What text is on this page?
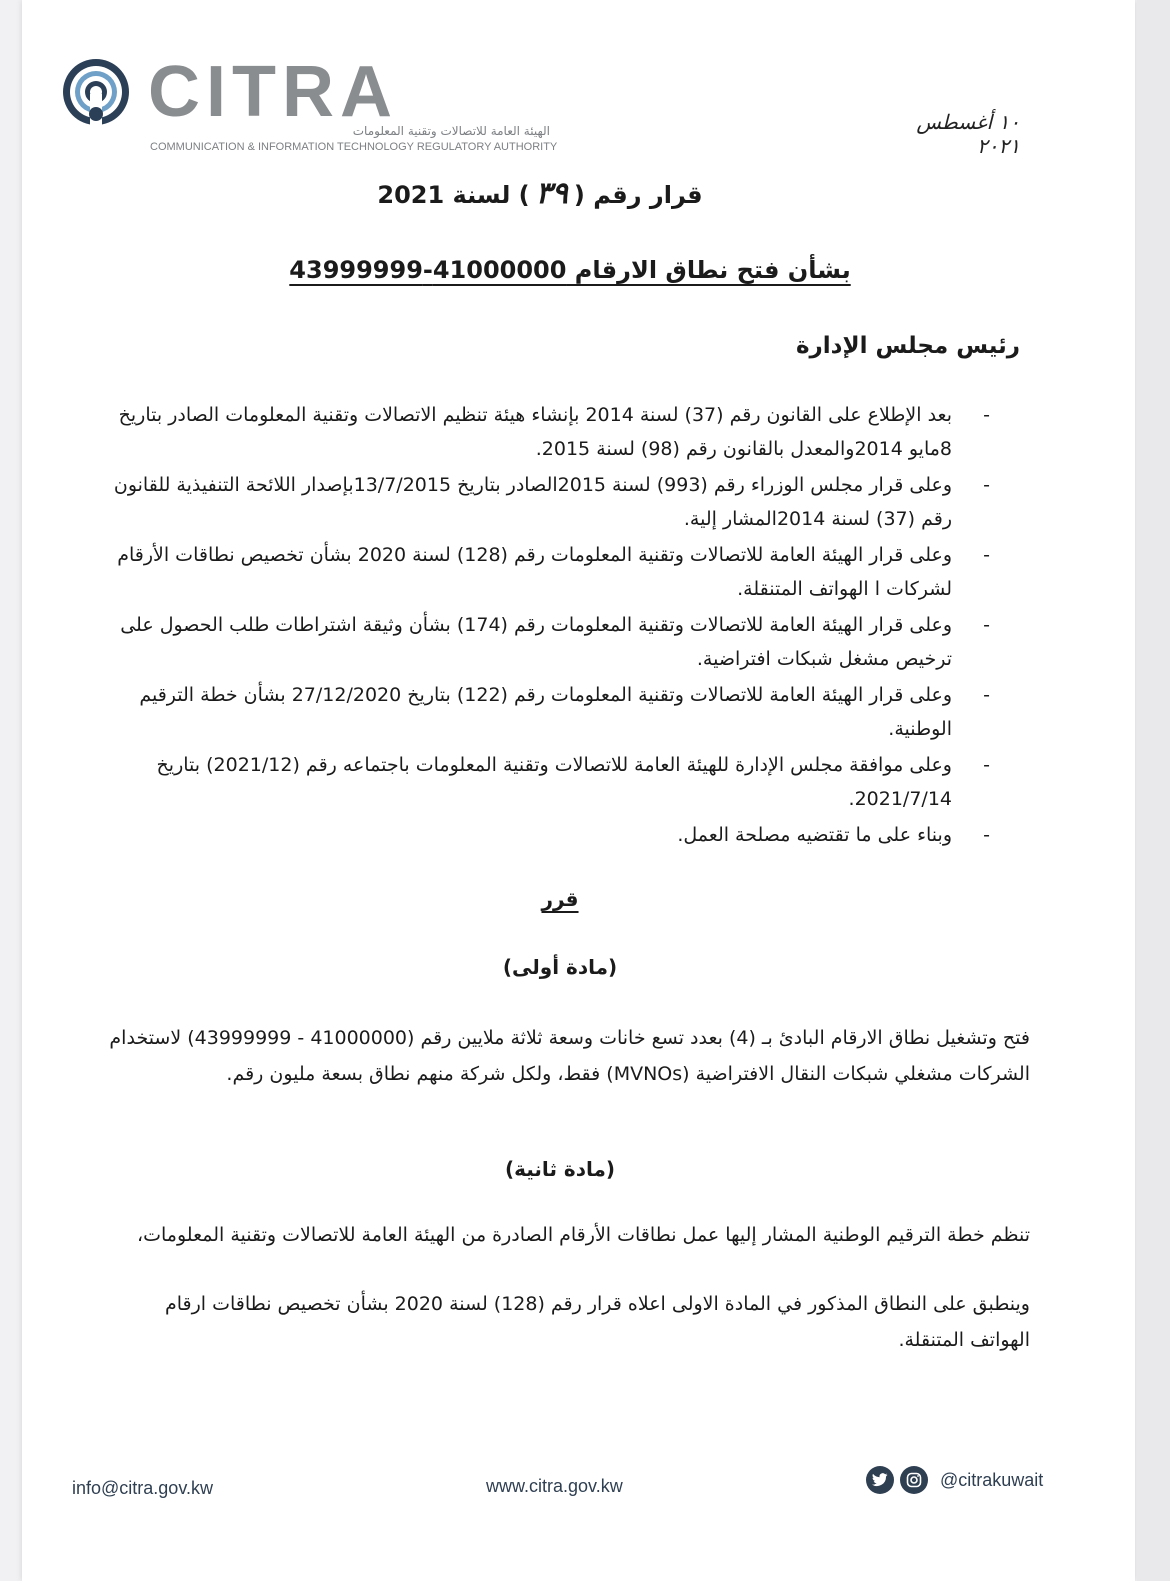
CITRA
الهيئة العامة للاتصالات وتقنية المعلومات
COMMUNICATION & INFORMATION TECHNOLOGY REGULATORY AUTHORITY
١٠ أغسطس ٢٠٢١
قرار رقم (٣٩) لسنة 2021
بشأن فتح نطاق الارقام 41000000-43999999
رئيس مجلس الإدارة
-
بعد الإطلاع على القانون رقم (37) لسنة 2014 بإنشاء هيئة تنظيم الاتصالات وتقنية المعلومات الصادر بتاريخ 8مايو 2014والمعدل بالقانون رقم (98) لسنة 2015.
-
وعلى قرار مجلس الوزراء رقم (993) لسنة 2015الصادر بتاريخ 13/7/2015بإصدار اللائحة التنفيذية للقانون رقم (37) لسنة 2014المشار إلية.
-
وعلى قرار الهيئة العامة للاتصالات وتقنية المعلومات رقم (128) لسنة 2020 بشأن تخصيص نطاقات الأرقام لشركات ا الهواتف المتنقلة.
-
وعلى قرار الهيئة العامة للاتصالات وتقنية المعلومات رقم (174) بشأن وثيقة اشتراطات طلب الحصول على ترخيص مشغل شبكات افتراضية.
-
وعلى قرار الهيئة العامة للاتصالات وتقنية المعلومات رقم (122) بتاريخ 27/12/2020 بشأن خطة الترقيم الوطنية.
-
وعلى موافقة مجلس الإدارة للهيئة العامة للاتصالات وتقنية المعلومات باجتماعه رقم (2021/12) بتاريخ 2021/7/14.
-
وبناء على ما تقتضيه مصلحة العمل.
قرر
(مادة أولى)
فتح وتشغيل نطاق الارقام البادئ بـ (4) بعدد تسع خانات وسعة ثلاثة ملايين رقم (41000000 - 43999999) لاستخدام الشركات مشغلي شبكات النقال الافتراضية (MVNOs) فقط، ولكل شركة منهم نطاق بسعة مليون رقم.
(مادة ثانية)
تنظم خطة الترقيم الوطنية المشار إليها عمل نطاقات الأرقام الصادرة من الهيئة العامة للاتصالات وتقنية المعلومات،
وينطبق على النطاق المذكور في المادة الاولى اعلاه قرار رقم (128) لسنة 2020 بشأن تخصيص نطاقات ارقام الهواتف المتنقلة.
info@citra.gov.kw	www.citra.gov.kw	@citrakuwait
